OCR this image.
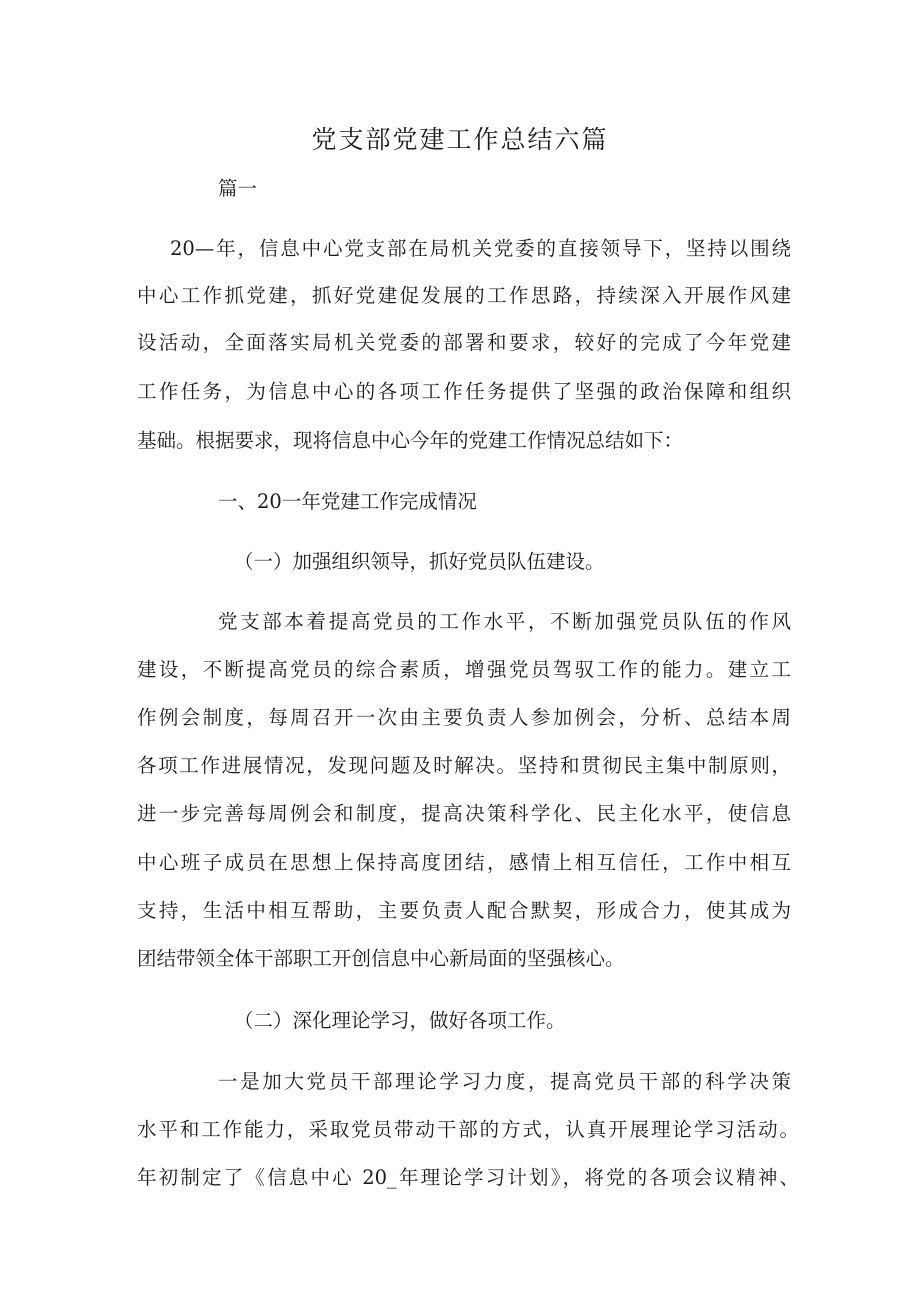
党支部党建工作总结六篇
篇一
20—年，信息中心党支部在局机关党委的直接领导下，坚持以围绕
中心工作抓党建，抓好党建促发展的工作思路，持续深入开展作风建
设活动，全面落实局机关党委的部署和要求，较好的完成了今年党建
工作任务，为信息中心的各项工作任务提供了坚强的政治保障和组织
基础。根据要求，现将信息中心今年的党建工作情况总结如下：
一、20一年党建工作完成情况
（一）加强组织领导，抓好党员队伍建设。
党支部本着提高党员的工作水平，不断加强党员队伍的作风
建设，不断提高党员的综合素质，增强党员驾驭工作的能力。建立工
作例会制度，每周召开一次由主要负责人参加例会，分析、总结本周
各项工作进展情况，发现问题及时解决。坚持和贯彻民主集中制原则，
进一步完善每周例会和制度，提高决策科学化、民主化水平，使信息
中心班子成员在思想上保持高度团结，感情上相互信任，工作中相互
支持，生活中相互帮助，主要负责人配合默契，形成合力，使其成为
团结带领全体干部职工开创信息中心新局面的坚强核心。
（二）深化理论学习，做好各项工作。
一是加大党员干部理论学习力度，提高党员干部的科学决策
水平和工作能力，采取党员带动干部的方式，认真开展理论学习活动。
年初制定了《信息中心 20_年理论学习计划》，将党的各项会议精神、
